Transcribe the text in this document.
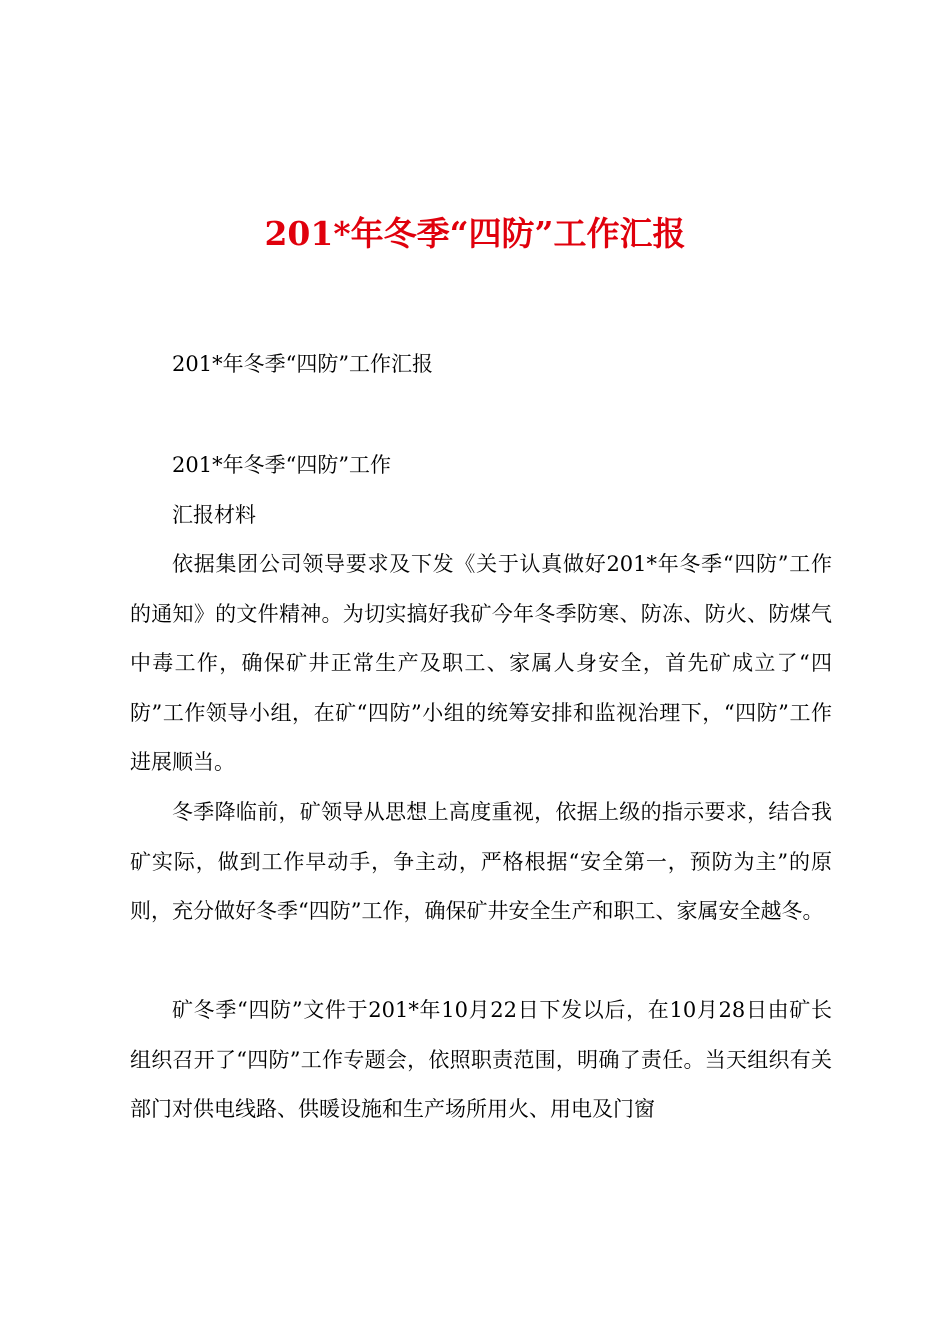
201*年冬季“四防”工作汇报

201*年冬季“四防”工作汇报

201*年冬季“四防”工作

汇报材料

依据集团公司领导要求及下发《关于认真做好201*年冬季“四防”工作的通知》的文件精神。为切实搞好我矿今年冬季防寒、防冻、防火、防煤气中毒工作，确保矿井正常生产及职工、家属人身安全，首先矿成立了“四防”工作领导小组，在矿“四防”小组的统筹安排和监视治理下，“四防”工作进展顺当。

冬季降临前，矿领导从思想上高度重视，依据上级的指示要求，结合我矿实际，做到工作早动手，争主动，严格根据“安全第一，预防为主”的原则，充分做好冬季“四防”工作，确保矿井安全生产和职工、家属安全越冬。

矿冬季“四防”文件于201*年10月22日下发以后，在10月28日由矿长组织召开了“四防”工作专题会，依照职责范围，明确了责任。当天组织有关部门对供电线路、供暖设施和生产场所用火、用电及门窗
